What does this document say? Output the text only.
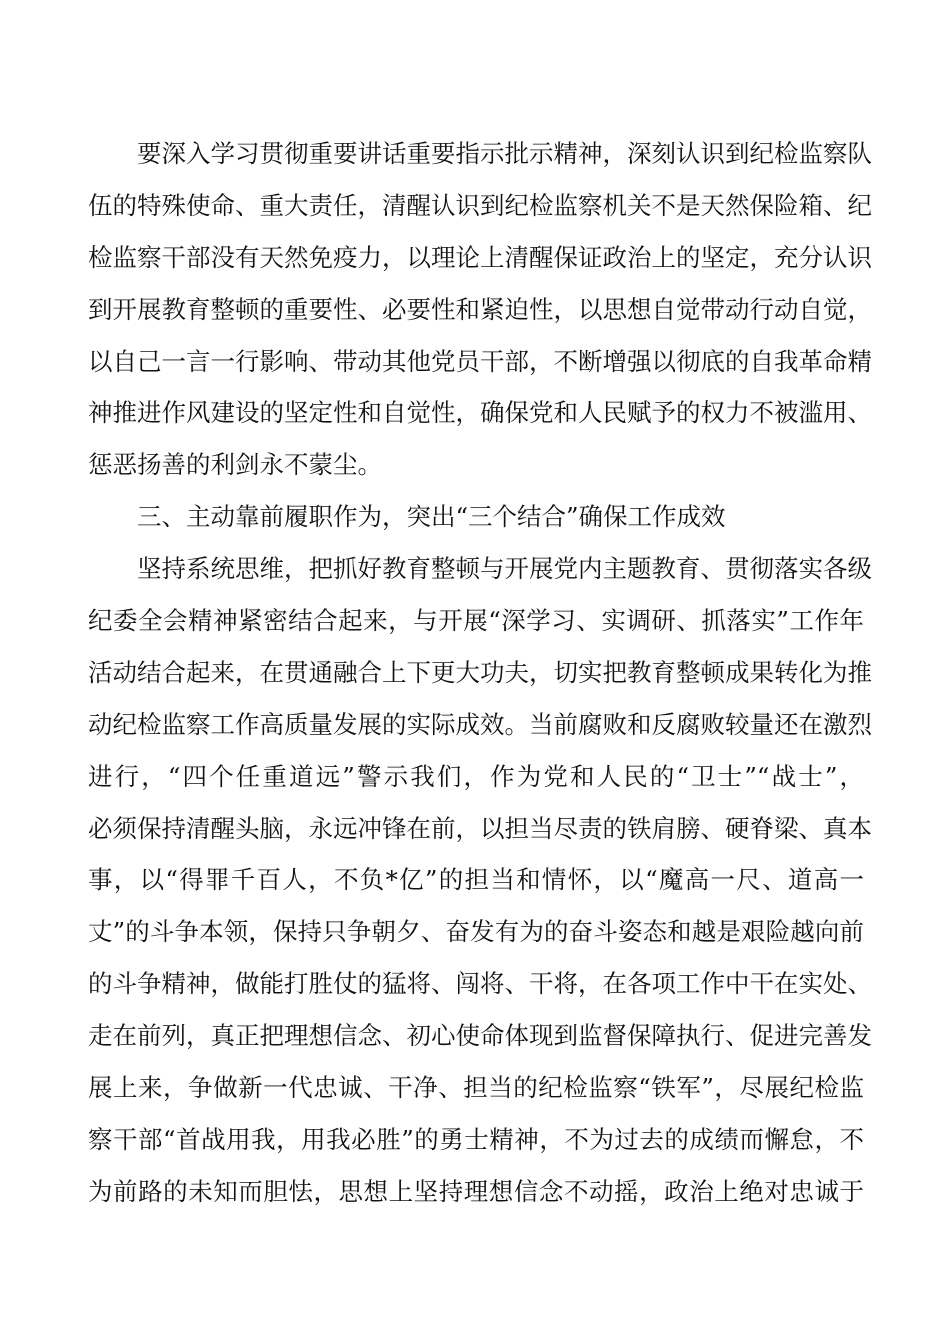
要深入学习贯彻重要讲话重要指示批示精神，深刻认识到纪检监察队
伍的特殊使命、重大责任，清醒认识到纪检监察机关不是天然保险箱、纪
检监察干部没有天然免疫力，以理论上清醒保证政治上的坚定，充分认识
到开展教育整顿的重要性、必要性和紧迫性，以思想自觉带动行动自觉，
以自己一言一行影响、带动其他党员干部，不断增强以彻底的自我革命精
神推进作风建设的坚定性和自觉性，确保党和人民赋予的权力不被滥用、
惩恶扬善的利剑永不蒙尘。
三、主动靠前履职作为，突出“三个结合”确保工作成效
坚持系统思维，把抓好教育整顿与开展党内主题教育、贯彻落实各级
纪委全会精神紧密结合起来，与开展“深学习、实调研、抓落实”工作年
活动结合起来，在贯通融合上下更大功夫，切实把教育整顿成果转化为推
动纪检监察工作高质量发展的实际成效。当前腐败和反腐败较量还在激烈
进行，“四个任重道远”警示我们，作为党和人民的“卫士”“战士”，
必须保持清醒头脑，永远冲锋在前，以担当尽责的铁肩膀、硬脊梁、真本
事，以“得罪千百人，不负*亿”的担当和情怀，以“魔高一尺、道高一
丈”的斗争本领，保持只争朝夕、奋发有为的奋斗姿态和越是艰险越向前
的斗争精神，做能打胜仗的猛将、闯将、干将，在各项工作中干在实处、
走在前列，真正把理想信念、初心使命体现到监督保障执行、促进完善发
展上来，争做新一代忠诚、干净、担当的纪检监察“铁军”，尽展纪检监
察干部“首战用我，用我必胜”的勇士精神，不为过去的成绩而懈怠，不
为前路的未知而胆怯，思想上坚持理想信念不动摇，政治上绝对忠诚于
